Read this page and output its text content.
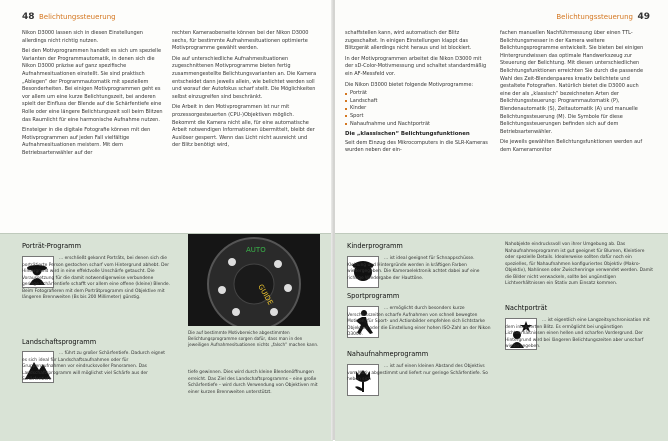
48 Belichtungssteuerung

Nikon D3000 lassen sich in diesen Einstellungen allerdings nicht richtig nutzen.

Bei den Motivprogrammen handelt es sich um spezielle Varianten der Programmautomatik, in denen sich die Nikon D3000 präzise auf ganz spezifische Aufnahmesituationen einstellt. Sie sind praktisch „Ablegen“ der Programmautomatik mit speziellem Besonderheiten. Bei einigen Motivprogrammen geht es vor allem um eine kurze Belichtungszeit, bei anderen spielt der Einfluss der Blende auf die Schärfentiefe eine Rolle oder eine längere Belichtungszeit soll beim Blitzen das Raumlicht für eine harmonische Aufnahme nutzen.

Einsteiger in die digitale Fotografie können mit den Motivprogrammen auf jeden Fall vielfältige Aufnahmesituationen meistern. Mit dem Betriebsartenwähler auf der

rechten Kameraoberseite können bei der Nikon D3000 sechs, für bestimmte Aufnahmesituationen optimierte Motivprogramme gewählt werden.

Die auf unterschiedliche Aufnahmesituationen zugeschnittenen Motivprogramme bieten fertig zusammengestellte Belichtungsvarianten an. Die Kamera entscheidet dann jeweils allein, wie belichtet werden soll und worauf der Autofokus scharf stellt. Die Möglichkeiten selbst einzugreifen sind beschränkt.

Die Arbeit in den Motivprogrammen ist nur mit prozessorgesteuerten (CPU-)Objektiven möglich. Bekommt die Kamera nicht alle, für eine automatische Arbeit notwendigen Informationen übermittelt, bleibt der Auslöser gesperrt. Wenn das Licht nicht ausreicht und der Blitz benötigt wird,

Porträt-Programm
... erschließt gekonnt Porträts, bei denen sich die porträtierte Person gestochen scharf vom Hintergrund abhebt. Der Hintergrund wird in eine effektvolle Unschärfe getaucht. Die Voraussetzung für die damit notwendigerweise verbundene geringe Schärfentiefe schafft vor allem eine offene (kleine) Blende. Beim Fotografieren mit dem Porträtprogramm sind Objektive mit längeren Brennweiten (Bs bis 200 Millimeter) günstig.
Landschaftsprogramm
... führt zu großer Schärfentiefe. Dadurch eignet es sich ideal für Landschaftsaufnahmen oder für Gruppenaufnahmen vor eindrucksvoller Panoramen. Das Landschaftsprogramm will möglichst viel Schärfe aus der Schärfentiefe
AUTO
GUIDE
Die auf bestimmte Motivbereiche abgestimmten Belichtungsprogramme sorgen dafür, dass man in den jeweiligen Aufnahmesituationen nichts „falsch“ machen kann.
tiefe gewinnen. Dies wird durch kleine Blendenöffnungen erreicht. Das Ziel des Landschaftsprogramms – eine große Schärfentiefe – wird durch Verwendung von Objektiven mit einer kurzen Brennweiten unterstützt.
Belichtungssteuerung 49

schaffstellen kann, wird automatisch der Blitz zugeschaltet. In einigen Einstellungen klappt das Blitzgerät allerdings nicht heraus und ist blockiert.

In der Motivprogrammen arbeitet die Nikon D3000 mit der sD-Color-Motivmessung und schaltet standardmäßig ein AF-Messfeld vor.

Die Nikon D3000 bietet folgende Motivprogramme:

Porträt
Landschaft
Kinder
Sport
Nahaufnahme und Nachtporträt
Die „klassischen“ Belichtungsfunktionen

Seit dem Einzug des Mikrocomputers in die SLR-Kameras wurden neben der ein-

fachen manuellen Nachführmessung über einen TTL-Belichtungsmesser in der Kamera weitere Belichtungsprogramme entwickelt. Sie bieten bei einigen Hintergrundwissen das optimale Handwerkszeug zur Steuerung der Belichtung. Mit diesen unterschiedlichen Belichtungsfunktionen erreichten Sie durch die passende Wahl des Zeit-Blendenpaares kreativ belichtete und gestaltete Fotografien. Natürlich bietet die D3000 auch eine der als „klassisch“ bezeichneten Arten der Belichtungssteuerung: Programmautomatik (P), Blendenautomatik (S), Zeitautomatik (A) und manuelle Belichtungssteuerung (M). Die Symbole für diese Belichtungssteuerungen befinden sich auf dem Betriebsartenwähler.

Die jeweils gewählten Belichtungsfunktionen werden auf dem Kameramonitor

Kinderprogramm
... ist ideal geeignet für Schnappschüsse. Kleidung und Hintergründe werden in kräftigen Farben wiedergegeben. Die Kameraelektronik achtet dabei auf eine richtige Wiedergabe der Hauttöne.
Sportprogramm
... ermöglicht durch besonders kurze Verschlusszeiten scharfe Aufnahmen von schnell bewegten Motiven, für Sport- und Actionbilder empfehlen sich lichtstarke Objektive oder die Einstellung einer hohen ISO-Zahl an der Nikon D3000.
Nahaufnahmeprogramm
... ist auf einen kleinen Abstand des Objektivs vom Motiv abgestimmt und liefert nur geringe Schärfentiefe. So heben sich
Nahobjekte eindrucksvoll von ihrer Umgebung ab. Das Nahaufnahmeprogramm ist gut geeignet für Blumen, Kleintiere oder spezielle Details. Idealerweise sollten dafür noch ein spezielles, für Nahaufnahmen konfiguriertes Objektiv (Makro-Objektiv), Nahlinsen oder Zwischenringe verwendet werden. Damit die Bilder nicht verwackeln, sollte bei ungünstigen Lichtverhältnissen ein Stativ zum Einsatz kommen.
Nachtporträt
... ist eigentlich eine Langzeitsynchronisation mit dem integrierten Blitz. Es ermöglicht bei ungünstigen Lichtverhältnissen einen hellen und scharfen Vordergrund. Der Hintergrund wird bei längeren Belichtungszeiten aber unscharf wiedergegeben.
